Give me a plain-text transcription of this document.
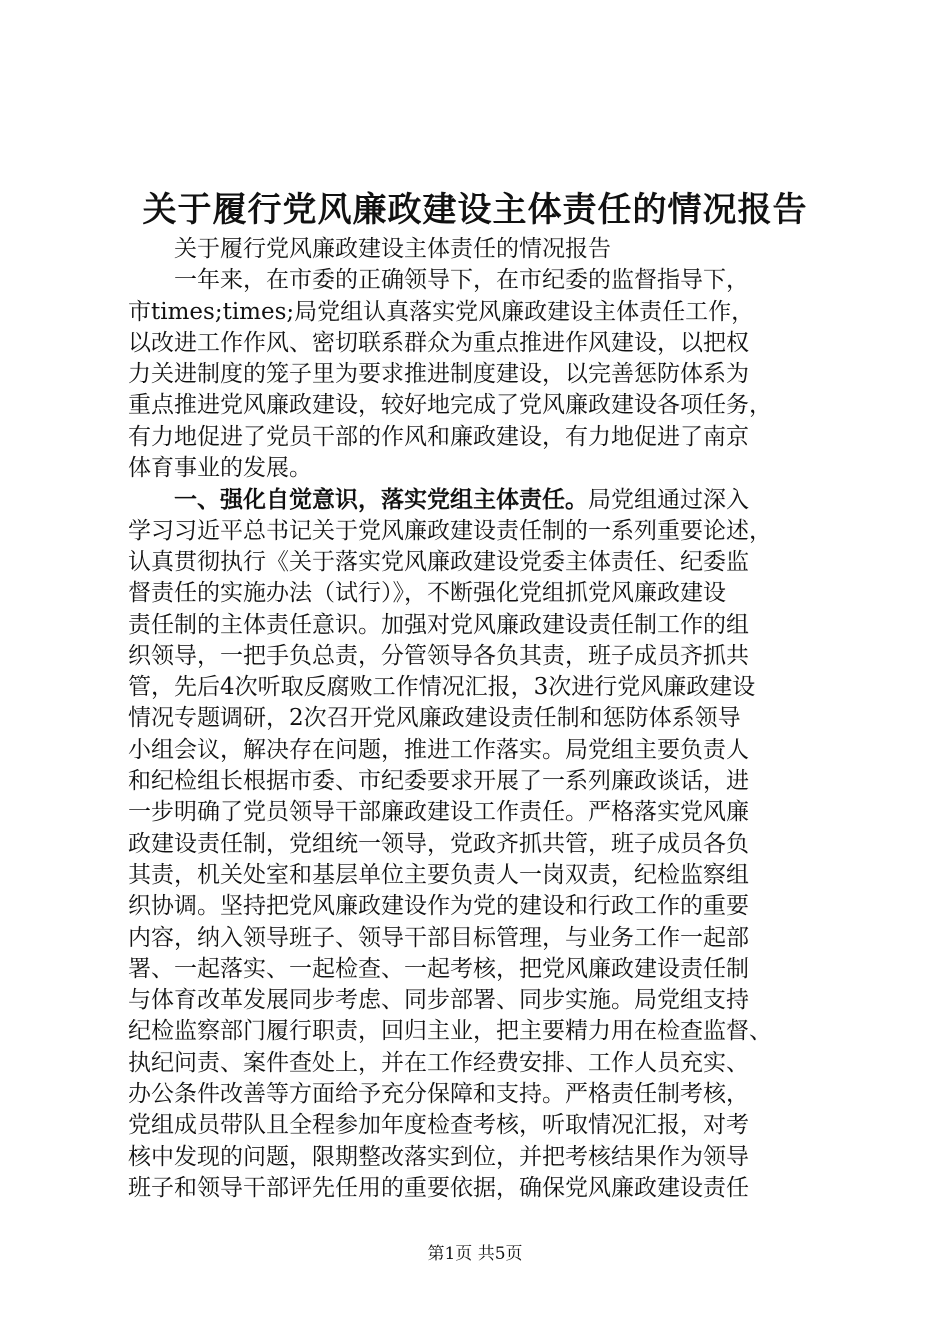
关于履行党风廉政建设主体责任的情况报告
关于履行党风廉政建设主体责任的情况报告
一年来，在市委的正确领导下，在市纪委的监督指导下，
市times;times;局党组认真落实党风廉政建设主体责任工作，
以改进工作作风、密切联系群众为重点推进作风建设，以把权
力关进制度的笼子里为要求推进制度建设，以完善惩防体系为
重点推进党风廉政建设，较好地完成了党风廉政建设各项任务，
有力地促进了党员干部的作风和廉政建设，有力地促进了南京
体育事业的发展。
一、强化自觉意识，落实党组主体责任。局党组通过深入
学习习近平总书记关于党风廉政建设责任制的一系列重要论述，
认真贯彻执行《关于落实党风廉政建设党委主体责任、纪委监
督责任的实施办法（试行）》，不断强化党组抓党风廉政建设
责任制的主体责任意识。加强对党风廉政建设责任制工作的组
织领导，一把手负总责，分管领导各负其责，班子成员齐抓共
管，先后4次听取反腐败工作情况汇报，3次进行党风廉政建设
情况专题调研，2次召开党风廉政建设责任制和惩防体系领导
小组会议，解决存在问题，推进工作落实。局党组主要负责人
和纪检组长根据市委、市纪委要求开展了一系列廉政谈话，进
一步明确了党员领导干部廉政建设工作责任。严格落实党风廉
政建设责任制，党组统一领导，党政齐抓共管，班子成员各负
其责，机关处室和基层单位主要负责人一岗双责，纪检监察组
织协调。坚持把党风廉政建设作为党的建设和行政工作的重要
内容，纳入领导班子、领导干部目标管理，与业务工作一起部
署、一起落实、一起检查、一起考核，把党风廉政建设责任制
与体育改革发展同步考虑、同步部署、同步实施。局党组支持
纪检监察部门履行职责，回归主业，把主要精力用在检查监督、
执纪问责、案件查处上，并在工作经费安排、工作人员充实、
办公条件改善等方面给予充分保障和支持。严格责任制考核，
党组成员带队且全程参加年度检查考核，听取情况汇报，对考
核中发现的问题，限期整改落实到位，并把考核结果作为领导
班子和领导干部评先任用的重要依据，确保党风廉政建设责任
第1页 共5页
